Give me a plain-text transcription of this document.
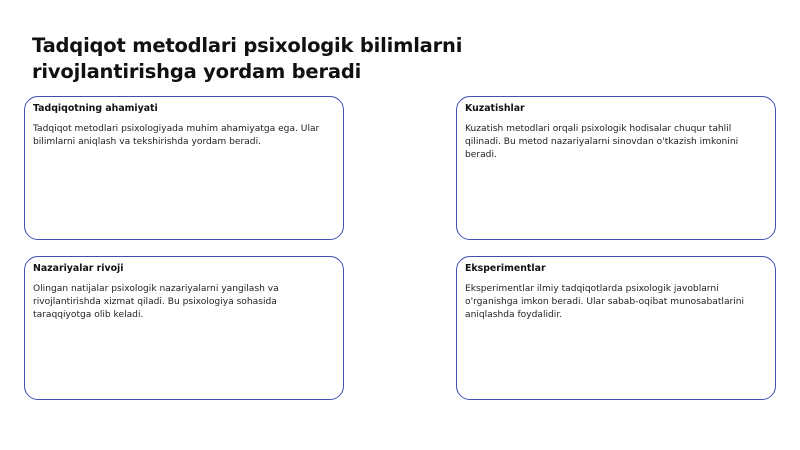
Tadqiqot metodlari psixologik bilimlarni rivojlantirishga yordam beradi
Tadqiqotning ahamiyati

Tadqiqot metodlari psixologiyada muhim ahamiyatga ega. Ular bilimlarni aniqlash va tekshirishda yordam beradi.

Kuzatishlar

Kuzatish metodlari orqali psixologik hodisalar chuqur tahlil qilinadi. Bu metod nazariyalarni sinovdan o'tkazish imkonini beradi.

Nazariyalar rivoji

Olingan natijalar psixologik nazariyalarni yangilash va rivojlantirishda xizmat qiladi. Bu psixologiya sohasida taraqqiyotga olib keladi.

Eksperimentlar

Eksperimentlar ilmiy tadqiqotlarda psixologik javoblarni o'rganishga imkon beradi. Ular sabab-oqibat munosabatlarini aniqlashda foydalidir.
